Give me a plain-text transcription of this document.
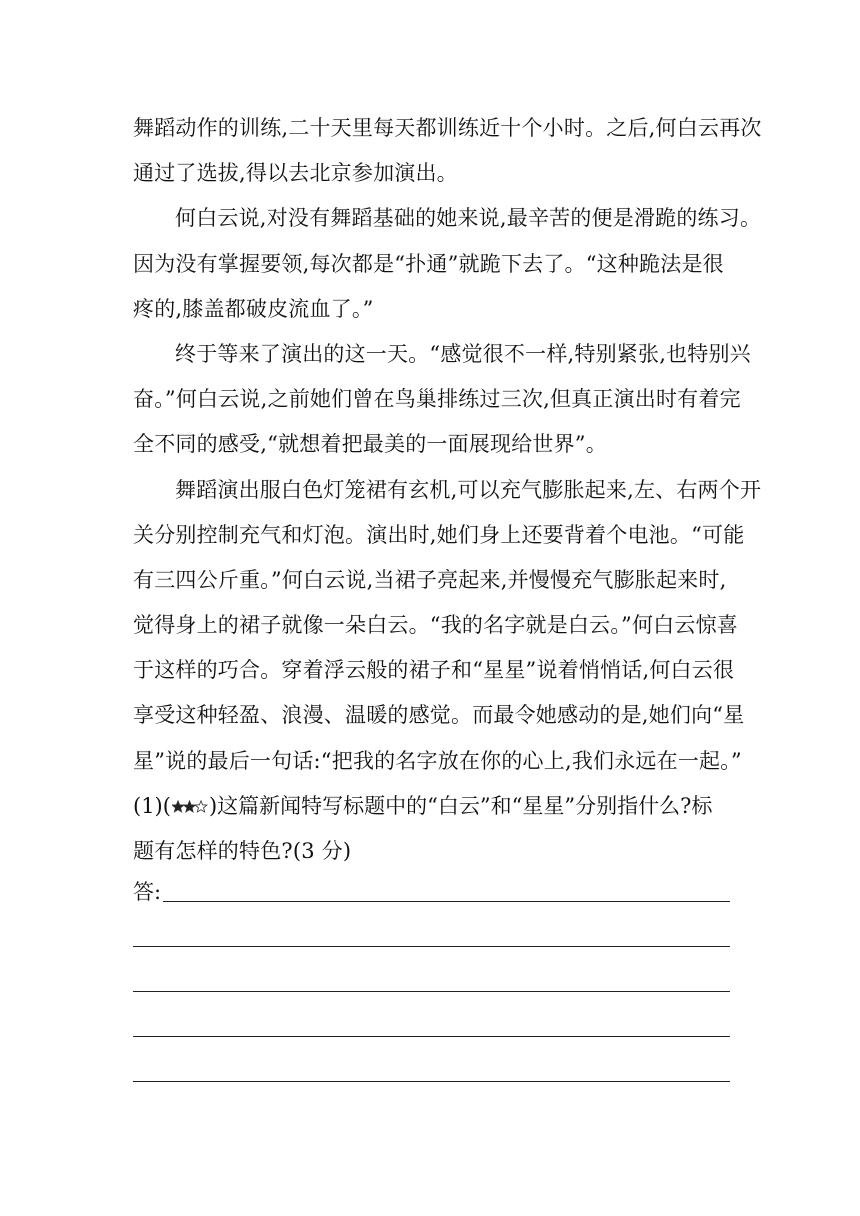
舞蹈动作的训练,二十天里每天都训练近十个小时。之后,何白云再次
通过了选拔,得以去北京参加演出。
何白云说,对没有舞蹈基础的她来说,最辛苦的便是滑跪的练习。
因为没有掌握要领,每次都是“扑通”就跪下去了。“这种跪法是很
疼的,膝盖都破皮流血了。”
终于等来了演出的这一天。“感觉很不一样,特别紧张,也特别兴
奋。”何白云说,之前她们曾在鸟巢排练过三次,但真正演出时有着完
全不同的感受,“就想着把最美的一面展现给世界”。
舞蹈演出服白色灯笼裙有玄机,可以充气膨胀起来,左、右两个开
关分别控制充气和灯泡。演出时,她们身上还要背着个电池。“可能
有三四公斤重。”何白云说,当裙子亮起来,并慢慢充气膨胀起来时,
觉得身上的裙子就像一朵白云。“我的名字就是白云。”何白云惊喜
于这样的巧合。穿着浮云般的裙子和“星星”说着悄悄话,何白云很
享受这种轻盈、浪漫、温暖的感觉。而最令她感动的是,她们向“星
星”说的最后一句话:“把我的名字放在你的心上,我们永远在一起。”
(1)( )这篇新闻特写标题中的“白云”和“星星”分别指什么?标
题有怎样的特色?(3 分)
答:
